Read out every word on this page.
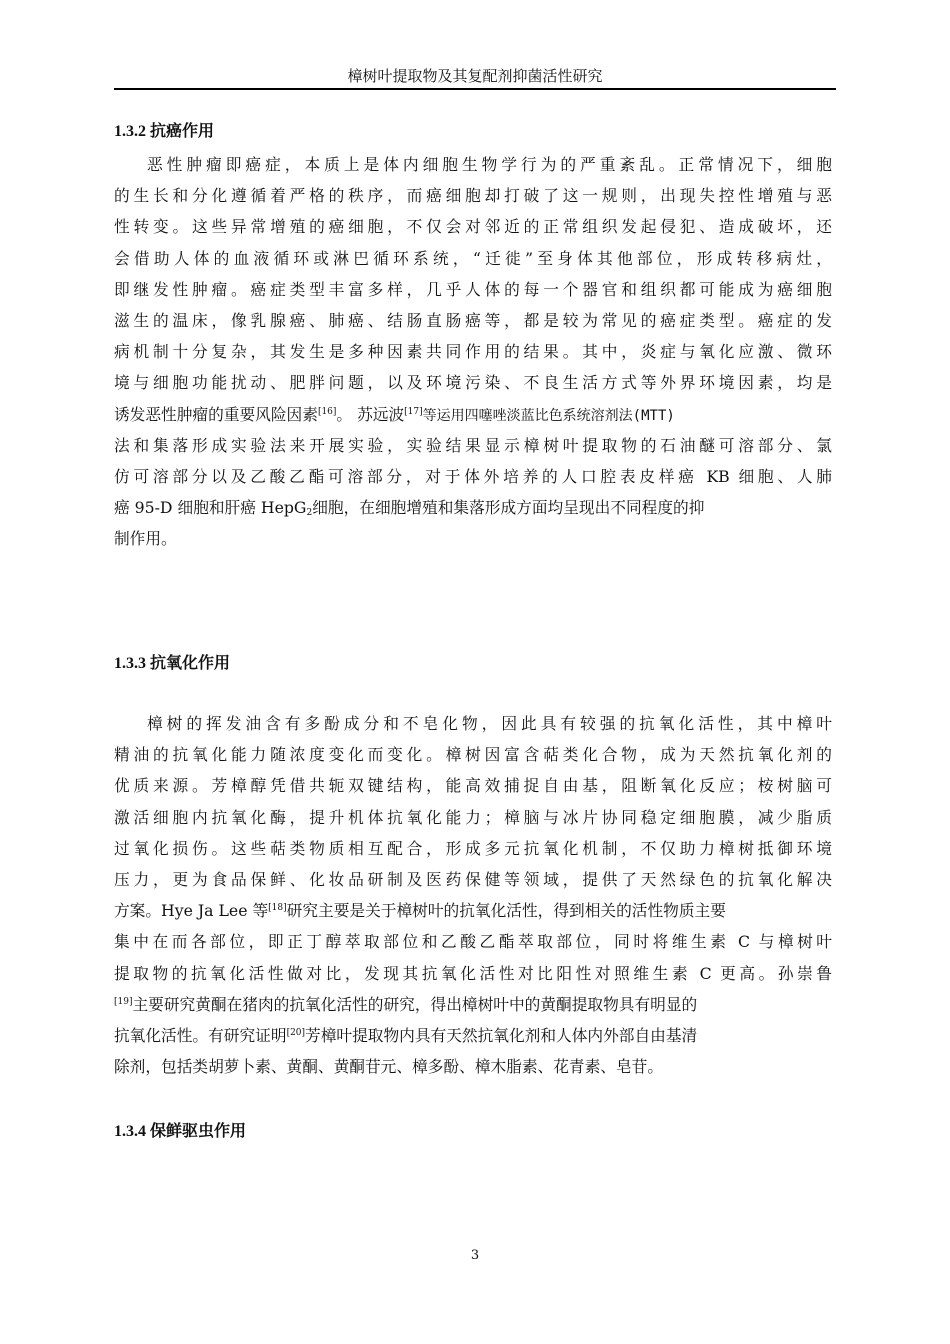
樟树叶提取物及其复配剂抑菌活性研究
1.3.2 抗癌作用
恶性肿瘤即癌症，本质上是体内细胞生物学行为的严重紊乱。正常情况下，细胞
的生长和分化遵循着严格的秩序，而癌细胞却打破了这一规则，出现失控性增殖与恶
性转变。这些异常增殖的癌细胞，不仅会对邻近的正常组织发起侵犯、造成破坏，还
会借助人体的血液循环或淋巴循环系统，“迁徙”至身体其他部位，形成转移病灶，
即继发性肿瘤。癌症类型丰富多样，几乎人体的每一个器官和组织都可能成为癌细胞
滋生的温床，像乳腺癌、肺癌、结肠直肠癌等，都是较为常见的癌症类型。癌症的发
病机制十分复杂，其发生是多种因素共同作用的结果。其中，炎症与氧化应激、微环
境与细胞功能扰动、肥胖问题，以及环境污染、不良生活方式等外界环境因素，均是
诱发恶性肿瘤的重要风险因素[16]。 苏远波[17]等运用四噻唑淡蓝比色系统溶剂法(MTT)
法和集落形成实验法来开展实验，实验结果显示樟树叶提取物的石油醚可溶部分、氯
仿可溶部分以及乙酸乙酯可溶部分，对于体外培养的人口腔表皮样癌 KB 细胞、人肺
癌 95-D 细胞和肝癌 HepG$_2$细胞，在细胞增殖和集落形成方面均呈现出不同程度的抑
制作用。
1.3.3 抗氧化作用
樟树的挥发油含有多酚成分和不皂化物，因此具有较强的抗氧化活性，其中樟叶
精油的抗氧化能力随浓度变化而变化。樟树因富含萜类化合物，成为天然抗氧化剂的
优质来源。芳樟醇凭借共轭双键结构，能高效捕捉自由基，阻断氧化反应；桉树脑可
激活细胞内抗氧化酶，提升机体抗氧化能力；樟脑与冰片协同稳定细胞膜，减少脂质
过氧化损伤。这些萜类物质相互配合，形成多元抗氧化机制，不仅助力樟树抵御环境
压力，更为食品保鲜、化妆品研制及医药保健等领域，提供了天然绿色的抗氧化解决
方案。Hye Ja Lee 等[18]研究主要是关于樟树叶的抗氧化活性，得到相关的活性物质主要
集中在而各部位，即正丁醇萃取部位和乙酸乙酯萃取部位，同时将维生素 C 与樟树叶
提取物的抗氧化活性做对比，发现其抗氧化活性对比阳性对照维生素 C 更高。孙崇鲁
[19]主要研究黄酮在猪肉的抗氧化活性的研究，得出樟树叶中的黄酮提取物具有明显的
抗氧化活性。有研究证明[20]芳樟叶提取物内具有天然抗氧化剂和人体内外部自由基清
除剂，包括类胡萝卜素、黄酮、黄酮苷元、樟多酚、樟木脂素、花青素、皂苷。
1.3.4 保鲜驱虫作用
3
